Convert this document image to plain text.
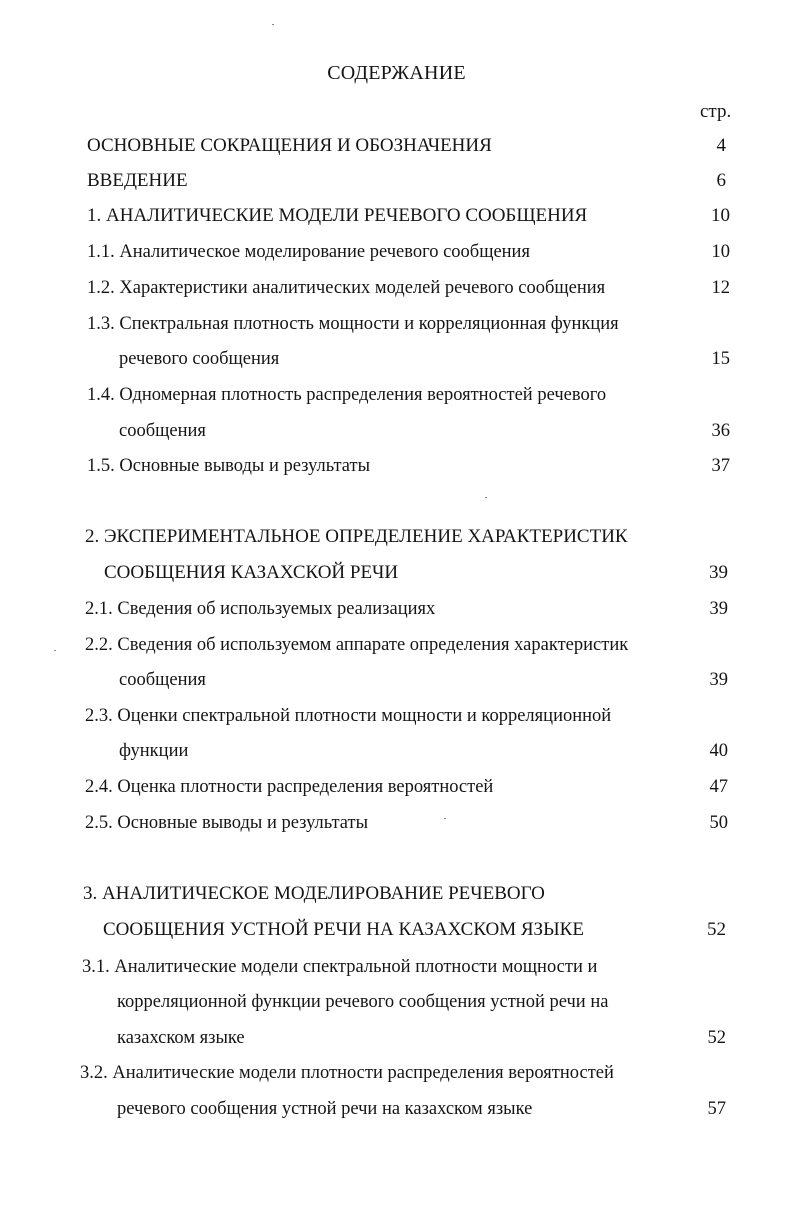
СОДЕРЖАНИЕ
стр.
ОСНОВНЫЕ СОКРАЩЕНИЯ И ОБОЗНАЧЕНИЯ	4
ВВЕДЕНИЕ	6
1. АНАЛИТИЧЕСКИЕ МОДЕЛИ РЕЧЕВОГО СООБЩЕНИЯ	10
1.1. Аналитическое моделирование речевого сообщения	10
1.2. Характеристики аналитических моделей речевого сообщения	12
1.3. Спектральная плотность мощности и корреляционная функция
речевого сообщения	15
1.4. Одномерная плотность распределения вероятностей речевого
сообщения	36
1.5. Основные выводы и результаты	37
2. ЭКСПЕРИМЕНТАЛЬНОЕ ОПРЕДЕЛЕНИЕ ХАРАКТЕРИСТИК
СООБЩЕНИЯ КАЗАХСКОЙ РЕЧИ	39
2.1. Сведения об используемых реализациях	39
2.2. Сведения об используемом аппарате определения характеристик
сообщения	39
2.3. Оценки спектральной плотности мощности и корреляционной
функции	40
2.4. Оценка плотности распределения вероятностей	47
2.5. Основные выводы и результаты	50
3. АНАЛИТИЧЕСКОЕ МОДЕЛИРОВАНИЕ РЕЧЕВОГО
СООБЩЕНИЯ УСТНОЙ РЕЧИ НА КАЗАХСКОМ ЯЗЫКЕ	52
3.1. Аналитические модели спектральной плотности мощности и
корреляционной функции речевого сообщения устной речи на
казахском языке	52
3.2. Аналитические модели плотности распределения вероятностей
речевого сообщения устной речи на казахском языке	57
